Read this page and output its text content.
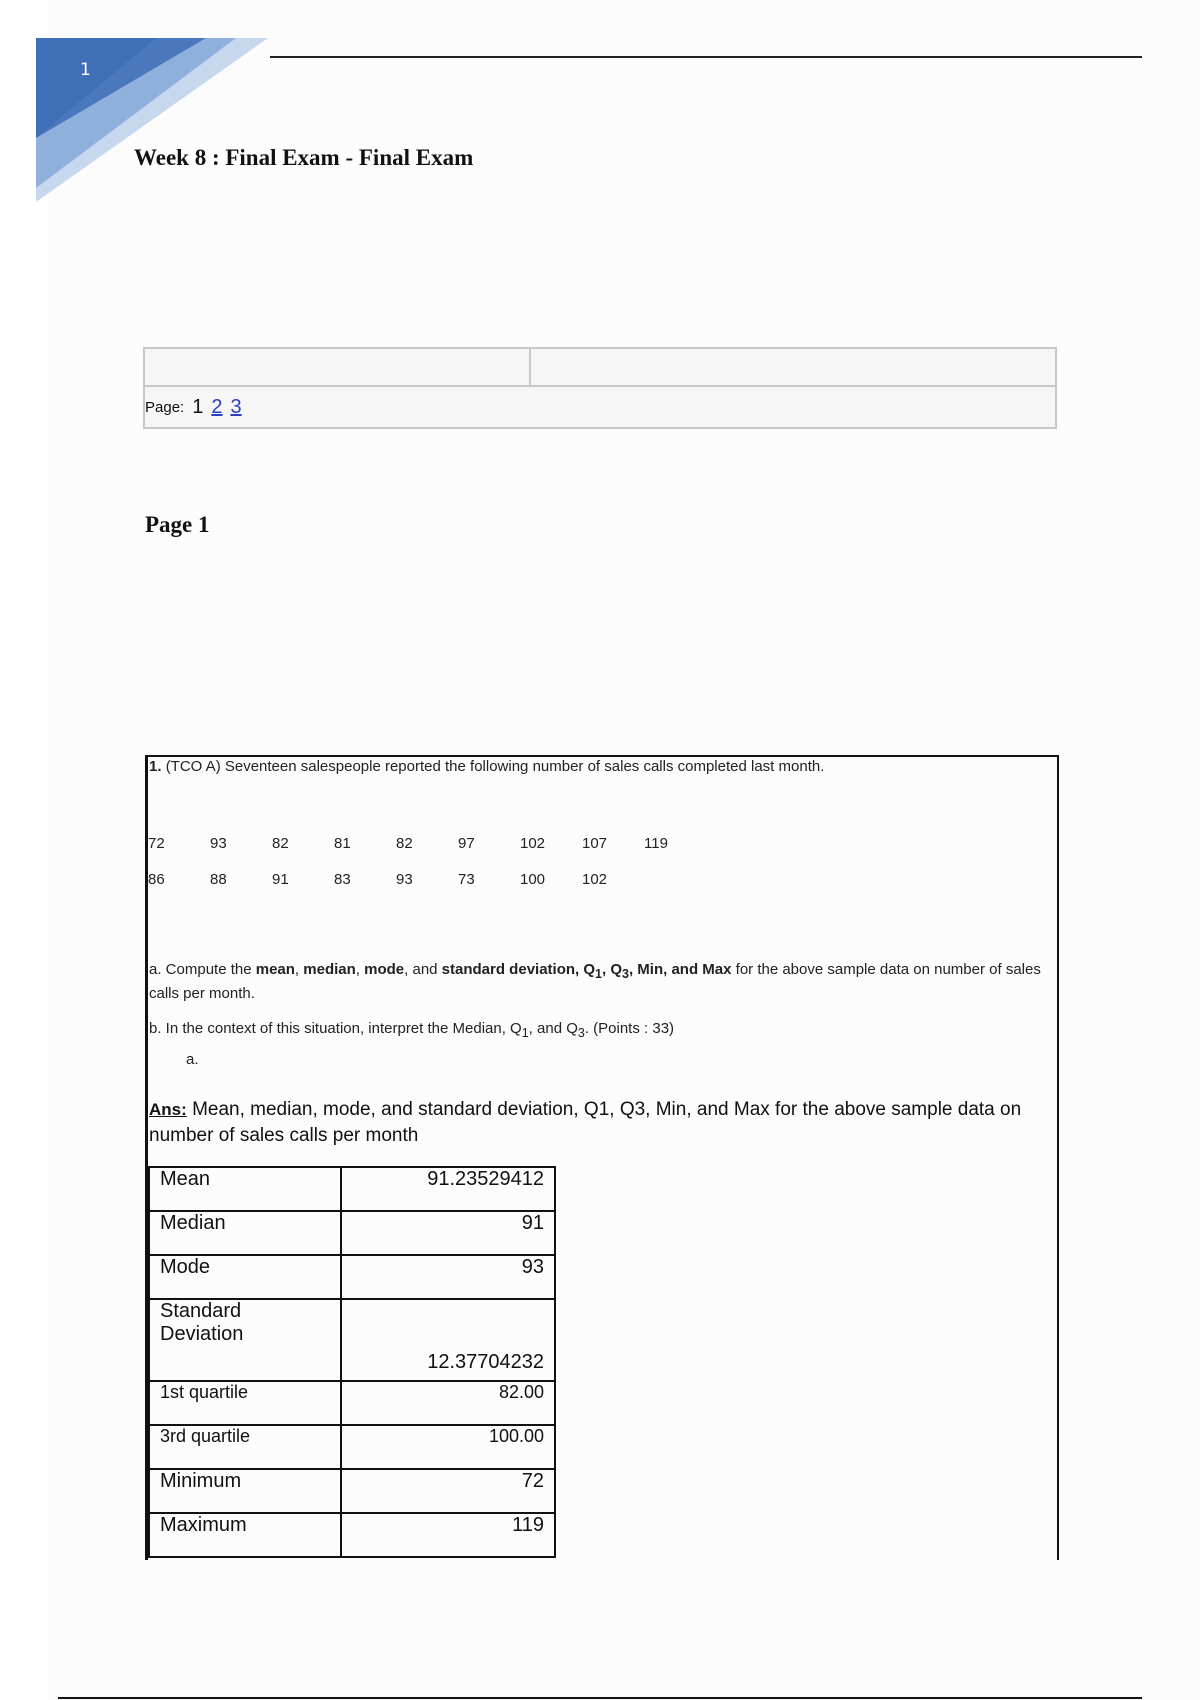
1
Week 8 : Final Exam - Final Exam
Page: 1 2 3
Page 1
1. (TCO A) Seventeen salespeople reported the following number of sales calls completed last month.
72	93	82	81	82	97	102 107 119
86	88	91	83	93	73	100 102
a. Compute the mean, median, mode, and standard deviation, $Q_1$, $Q_3$, Min, and Max for the above sample data on number of sales calls per month.
b. In the context of this situation, interpret the Median, $Q_1$, and $Q_3$. (Points : 33)
a.
Ans: Mean, median, mode, and standard deviation, Q1, Q3, Min, and Max for the above sample data on number of sales calls per month
Mean	91.23529412
Median	91
Mode	93
Standard Deviation	12.37704232
1st quartile	82.00
3rd quartile	100.00
Minimum	72
Maximum	119
